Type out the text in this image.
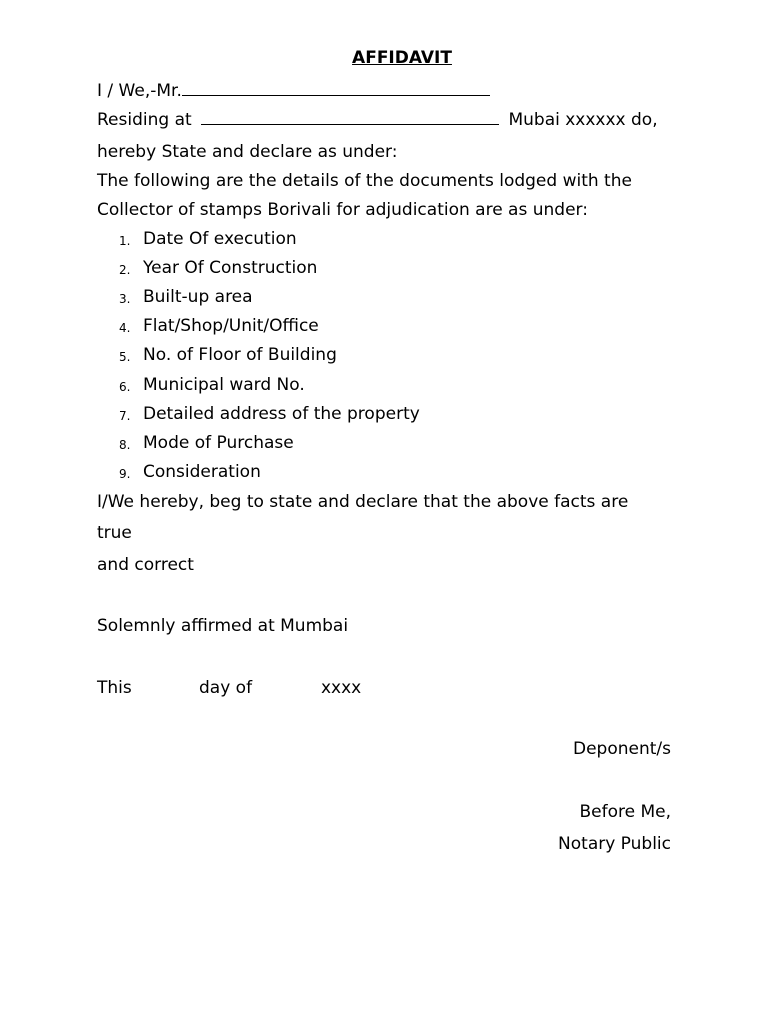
AFFIDAVIT
I / We,-Mr.
Residing at	Mubai xxxxxx do,
hereby State and declare as under:
The following are the details of the documents lodged with the
Collector of stamps Borivali for adjudication are as under:
1. Date Of execution
2. Year Of Construction
3. Built-up area
4. Flat/Shop/Unit/Office
5. No. of Floor of Building
6. Municipal ward No.
7. Detailed address of the property
8. Mode of Purchase
9. Consideration
I/We hereby, beg to state and declare that the above facts are
true
and correct
Solemnly affirmed at Mumbai
This	day of	xxxx
Deponent/s
Before Me,
Notary Public
